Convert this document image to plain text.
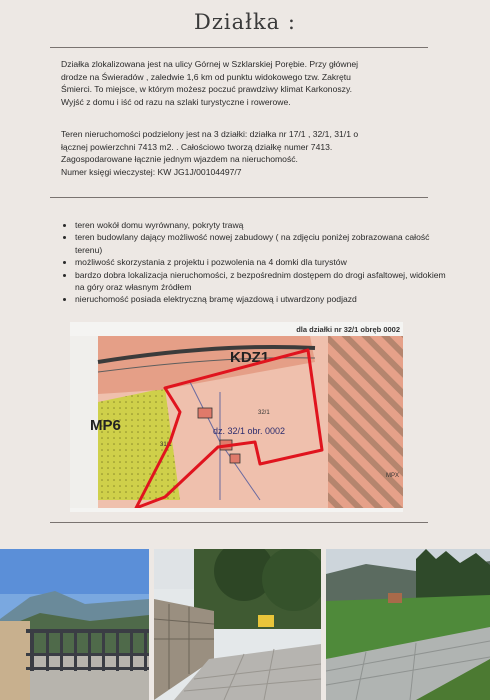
Działka :

Działka zlokalizowana jest na ulicy Górnej w Szklarskiej Porębie. Przy głównej
drodze na Świeradów , zaledwie 1,6 km od punktu widokowego tzw. Zakrętu
Śmierci. To miejsce, w którym możesz poczuć prawdziwy klimat Karkonoszy.
Wyjść z domu i iść od razu na szlaki turystyczne i rowerowe.

Teren nieruchomości podzielony jest na 3 działki: działka nr 17/1 , 32/1, 31/1 o
łącznej powierzchni 7413 m2. . Całościowo tworzą działkę numer 7413.
Zagospodarowane łącznie jednym wjazdem na nieruchomość.
Numer księgi wieczystej: KW JG1J/00104497/7

• teren wokół domu wyrównany, pokryty trawą
• teren budowlany dający możliwość nowej zabudowy ( na zdjęciu poniżej zobrazowana całość terenu)
• możliwość skorzystania z projektu i pozwolenia na 4 domki dla turystów
• bardzo dobra lokalizacja nieruchomości, z bezpośrednim dostępem do drogi asfaltowej, widokiem na góry oraz własnym źródłem
• nieruchomość posiada elektryczną bramę wjazdową i utwardzony podjazd
dla działki nr 32/1 obręb 0002
KDZ1
MP6	dz. 32/1 obr. 0002
32/1
31/1
MPX
